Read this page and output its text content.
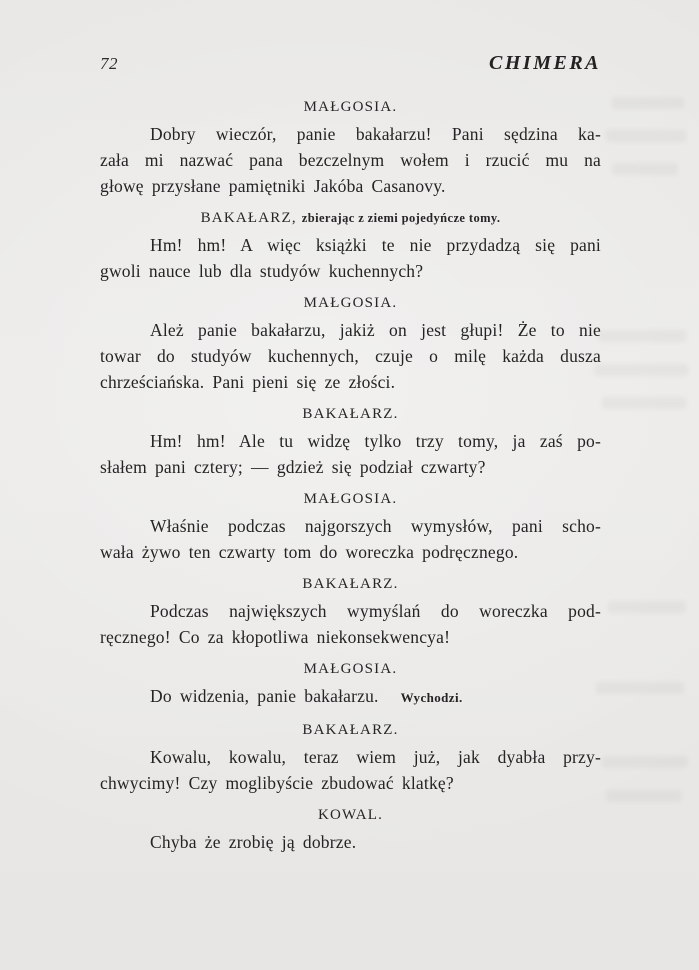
72	CHIMERA
MAŁGOSIA.
Dobry wieczór, panie bakałarzu! Pani sędzina ka-
zała mi nazwać pana bezczelnym wołem i rzucić mu na
głowę przysłane pamiętniki Jakóba Casanovy.
BAKAŁARZ, zbierając z ziemi pojedyńcze tomy.
Hm! hm! A więc książki te nie przydadzą się pani
gwoli nauce lub dla studyów kuchennych?
MAŁGOSIA.
Ależ panie bakałarzu, jakiż on jest głupi! Że to nie
towar do studyów kuchennych, czuje o milę każda dusza
chrześciańska. Pani pieni się ze złości.
BAKAŁARZ.
Hm! hm! Ale tu widzę tylko trzy tomy, ja zaś po-
słałem pani cztery; — gdzież się podział czwarty?
MAŁGOSIA.
Właśnie podczas najgorszych wymysłów, pani scho-
wała żywo ten czwarty tom do woreczka podręcznego.
BAKAŁARZ.
Podczas największych wymyślań do woreczka pod-
ręcznego! Co za kłopotliwa niekonsekwencya!
MAŁGOSIA.
Do widzenia, panie bakałarzu. Wychodzi.
BAKAŁARZ.
Kowalu, kowalu, teraz wiem już, jak dyabła przy-
chwycimy! Czy moglibyście zbudować klatkę?
KOWAL.
Chyba że zrobię ją dobrze.
